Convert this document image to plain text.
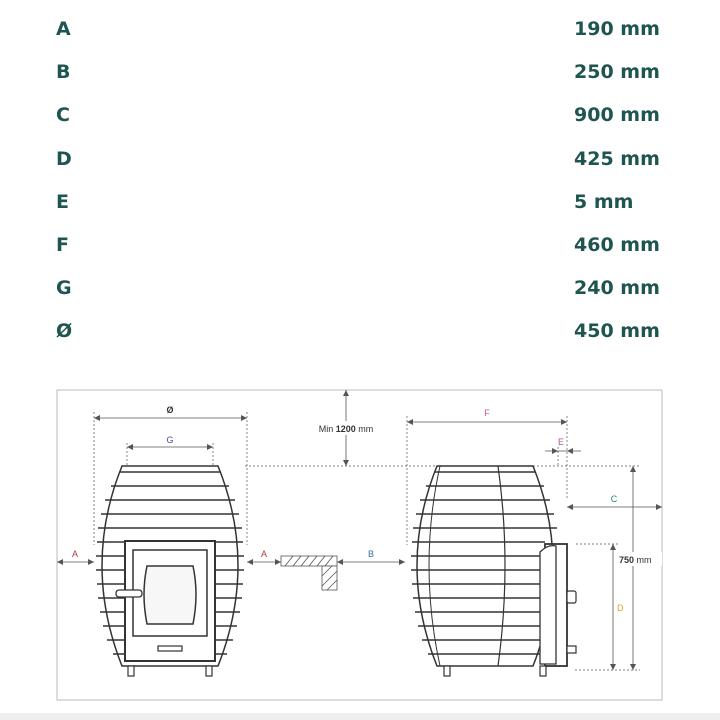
A	190 mm
B	250 mm
C	900 mm
D	425 mm
E	5 mm
F	460 mm
G	240 mm
Ø	450 mm
Ø
G
A	A	B
Min 1200 mm
F
E
C
D
750 mm
